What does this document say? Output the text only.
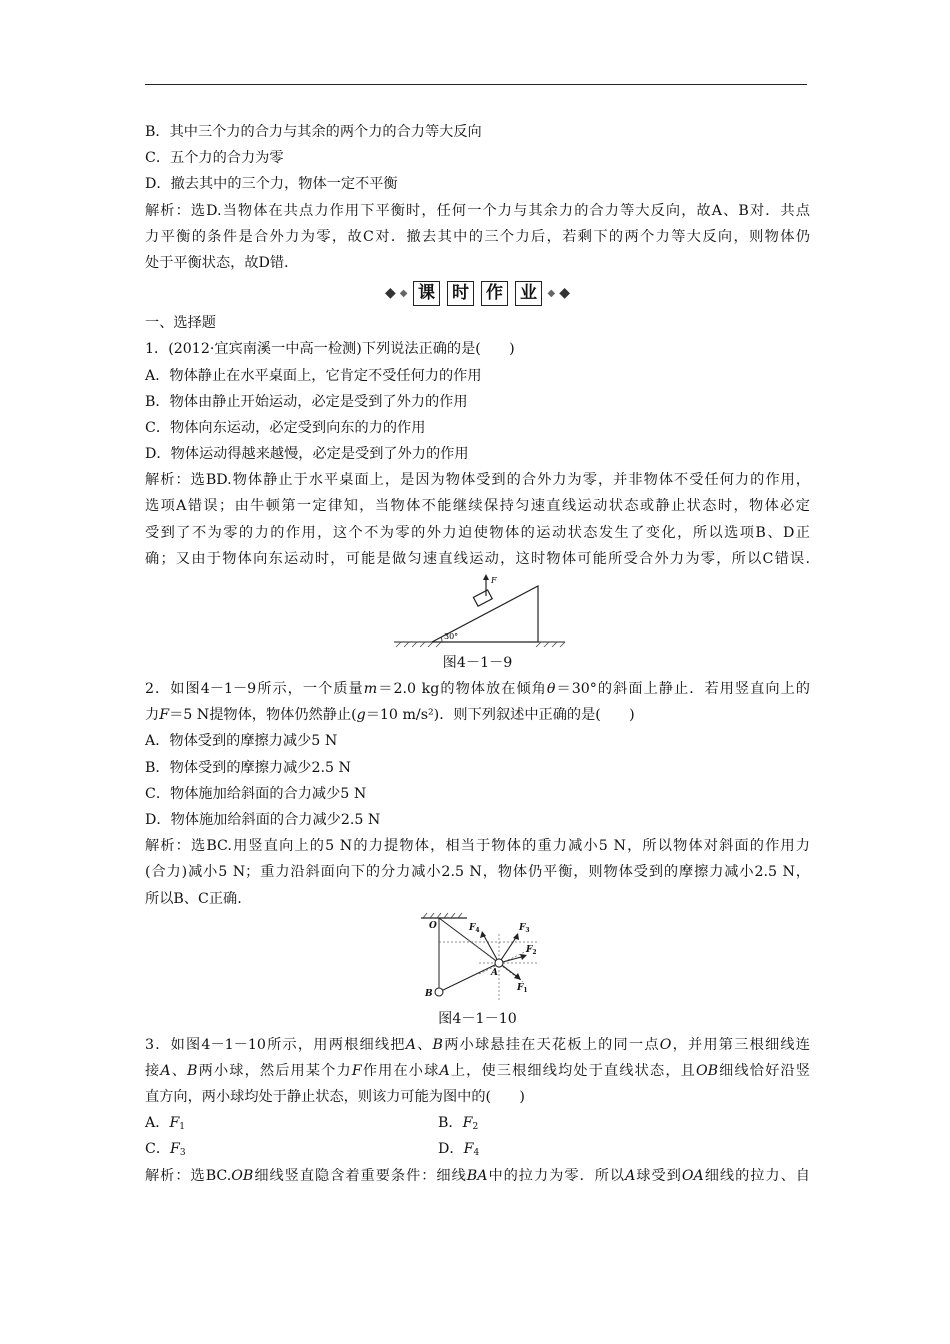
B．其中三个力的合力与其余的两个力的合力等大反向
C．五个力的合力为零
D．撤去其中的三个力，物体一定不平衡
解析：选D.当物体在共点力作用下平衡时，任何一个力与其余力的合力等大反向，故A、B对．共点
力平衡的条件是合外力为零，故C对．撤去其中的三个力后，若剩下的两个力等大反向，则物体仍
处于平衡状态，故D错．
◆ ◆ 课 时 作 业	◆ ◆
一、选择题
1．(2012·宜宾南溪一中高一检测)下列说法正确的是(　　)
A．物体静止在水平桌面上，它肯定不受任何力的作用
B．物体由静止开始运动，必定是受到了外力的作用
C．物体向东运动，必定受到向东的力的作用
D．物体运动得越来越慢，必定是受到了外力的作用
解析：选BD.物体静止于水平桌面上，是因为物体受到的合外力为零，并非物体不受任何力的作用，
选项A错误；由牛顿第一定律知，当物体不能继续保持匀速直线运动状态或静止状态时，物体必定
受到了不为零的力的作用，这个不为零的外力迫使物体的运动状态发生了变化，所以选项B、D正
确；又由于物体向东运动时，可能是做匀速直线运动，这时物体可能所受合外力为零，所以C错误.
F
30°
图4－1－9
2．如图4－1－9所示，一个质量m＝2.0 kg的物体放在倾角θ＝30°的斜面上静止．若用竖直向上的
力F＝5 N提物体，物体仍然静止(g＝10 m/s²)．则下列叙述中正确的是(　　)
A．物体受到的摩擦力减少5 N
B．物体受到的摩擦力减少2.5 N
C．物体施加给斜面的合力减少5 N
D．物体施加给斜面的合力减少2.5 N
解析：选BC.用竖直向上的5 N的力提物体，相当于物体的重力减小5 N，所以物体对斜面的作用力
(合力)减小5 N；重力沿斜面向下的分力减小2.5 N，物体仍平衡，则物体受到的摩擦力减小2.5 N，
所以B、C正确.
O
A
B
$F_1$
$F_2$
$F_3$
$F_4$
图4－1－10
3．如图4－1－10所示，用两根细线把A、B两小球悬挂在天花板上的同一点O，并用第三根细线连
接A、B两小球，然后用某个力F作用在小球A上，使三根细线均处于直线状态，且OB细线恰好沿竖
直方向，两小球均处于静止状态，则该力可能为图中的(　　)
A．$F_1$	B．$F_2$
C．$F_3$	D．$F_4$
解析：选BC.OB细线竖直隐含着重要条件：细线BA中的拉力为零．所以A球受到OA细线的拉力、自
